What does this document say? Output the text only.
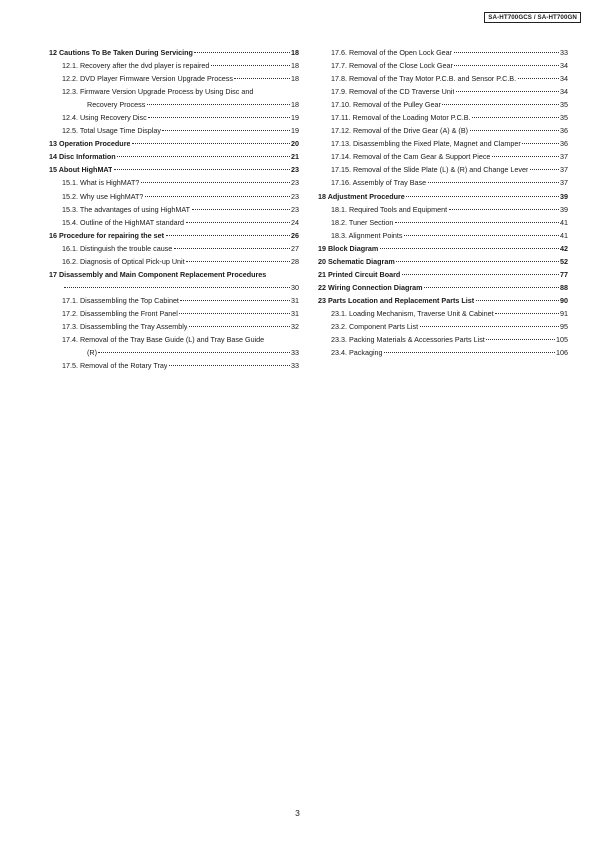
SA-HT700GCS / SA-HT700GN
12 Cautions To Be Taken During Servicing	18
12.1. Recovery after the dvd player is repaired	18
12.2. DVD Player Firmware Version Upgrade Process	18
12.3. Firmware Version Upgrade Process by Using Disc and
Recovery Process	18
12.4. Using Recovery Disc	19
12.5. Total Usage Time Display	19
13 Operation Procedure	20
14 Disc Information	21
15 About HighMAT	23
15.1. What is HighMAT?	23
15.2. Why use HighMAT?	23
15.3. The advantages of using HighMAT	23
15.4. Outline of the HighMAT standard	24
16 Procedure for repairing the set	26
16.1. Distinguish the trouble cause	27
16.2. Diagnosis of Optical Pick-up Unit	28
17 Disassembly and Main Component Replacement Procedures
30
17.1. Disassembling the Top Cabinet	31
17.2. Disassembling the Front Panel	31
17.3. Disassembling the Tray Assembly	32
17.4. Removal of the Tray Base Guide (L) and Tray Base Guide
(R)	33
17.5. Removal of the Rotary Tray	33
17.6. Removal of the Open Lock Gear	33
17.7. Removal of the Close Lock Gear	34
17.8. Removal of the Tray Motor P.C.B. and Sensor P.C.B.	34
17.9. Removal of the CD Traverse Unit	34
17.10. Removal of the Pulley Gear	35
17.11. Removal of the Loading Motor P.C.B.	35
17.12. Removal of the Drive Gear (A) & (B)	36
17.13. Disassembling the Fixed Plate, Magnet and Clamper	36
17.14. Removal of the Cam Gear & Support Piece	37
17.15. Removal of the Slide Plate (L) & (R) and Change Lever	37
17.16. Assembly of Tray Base	37
18 Adjustment Procedure	39
18.1. Required Tools and Equipment	39
18.2. Tuner Section	41
18.3. Alignment Points	41
19 Block Diagram	42
20 Schematic Diagram	52
21 Printed Circuit Board	77
22 Wiring Connection Diagram	88
23 Parts Location and Replacement Parts List	90
23.1. Loading Mechanism, Traverse Unit & Cabinet	91
23.2. Component Parts List	95
23.3. Packing Materials & Accessories Parts List	105
23.4. Packaging	106
3
